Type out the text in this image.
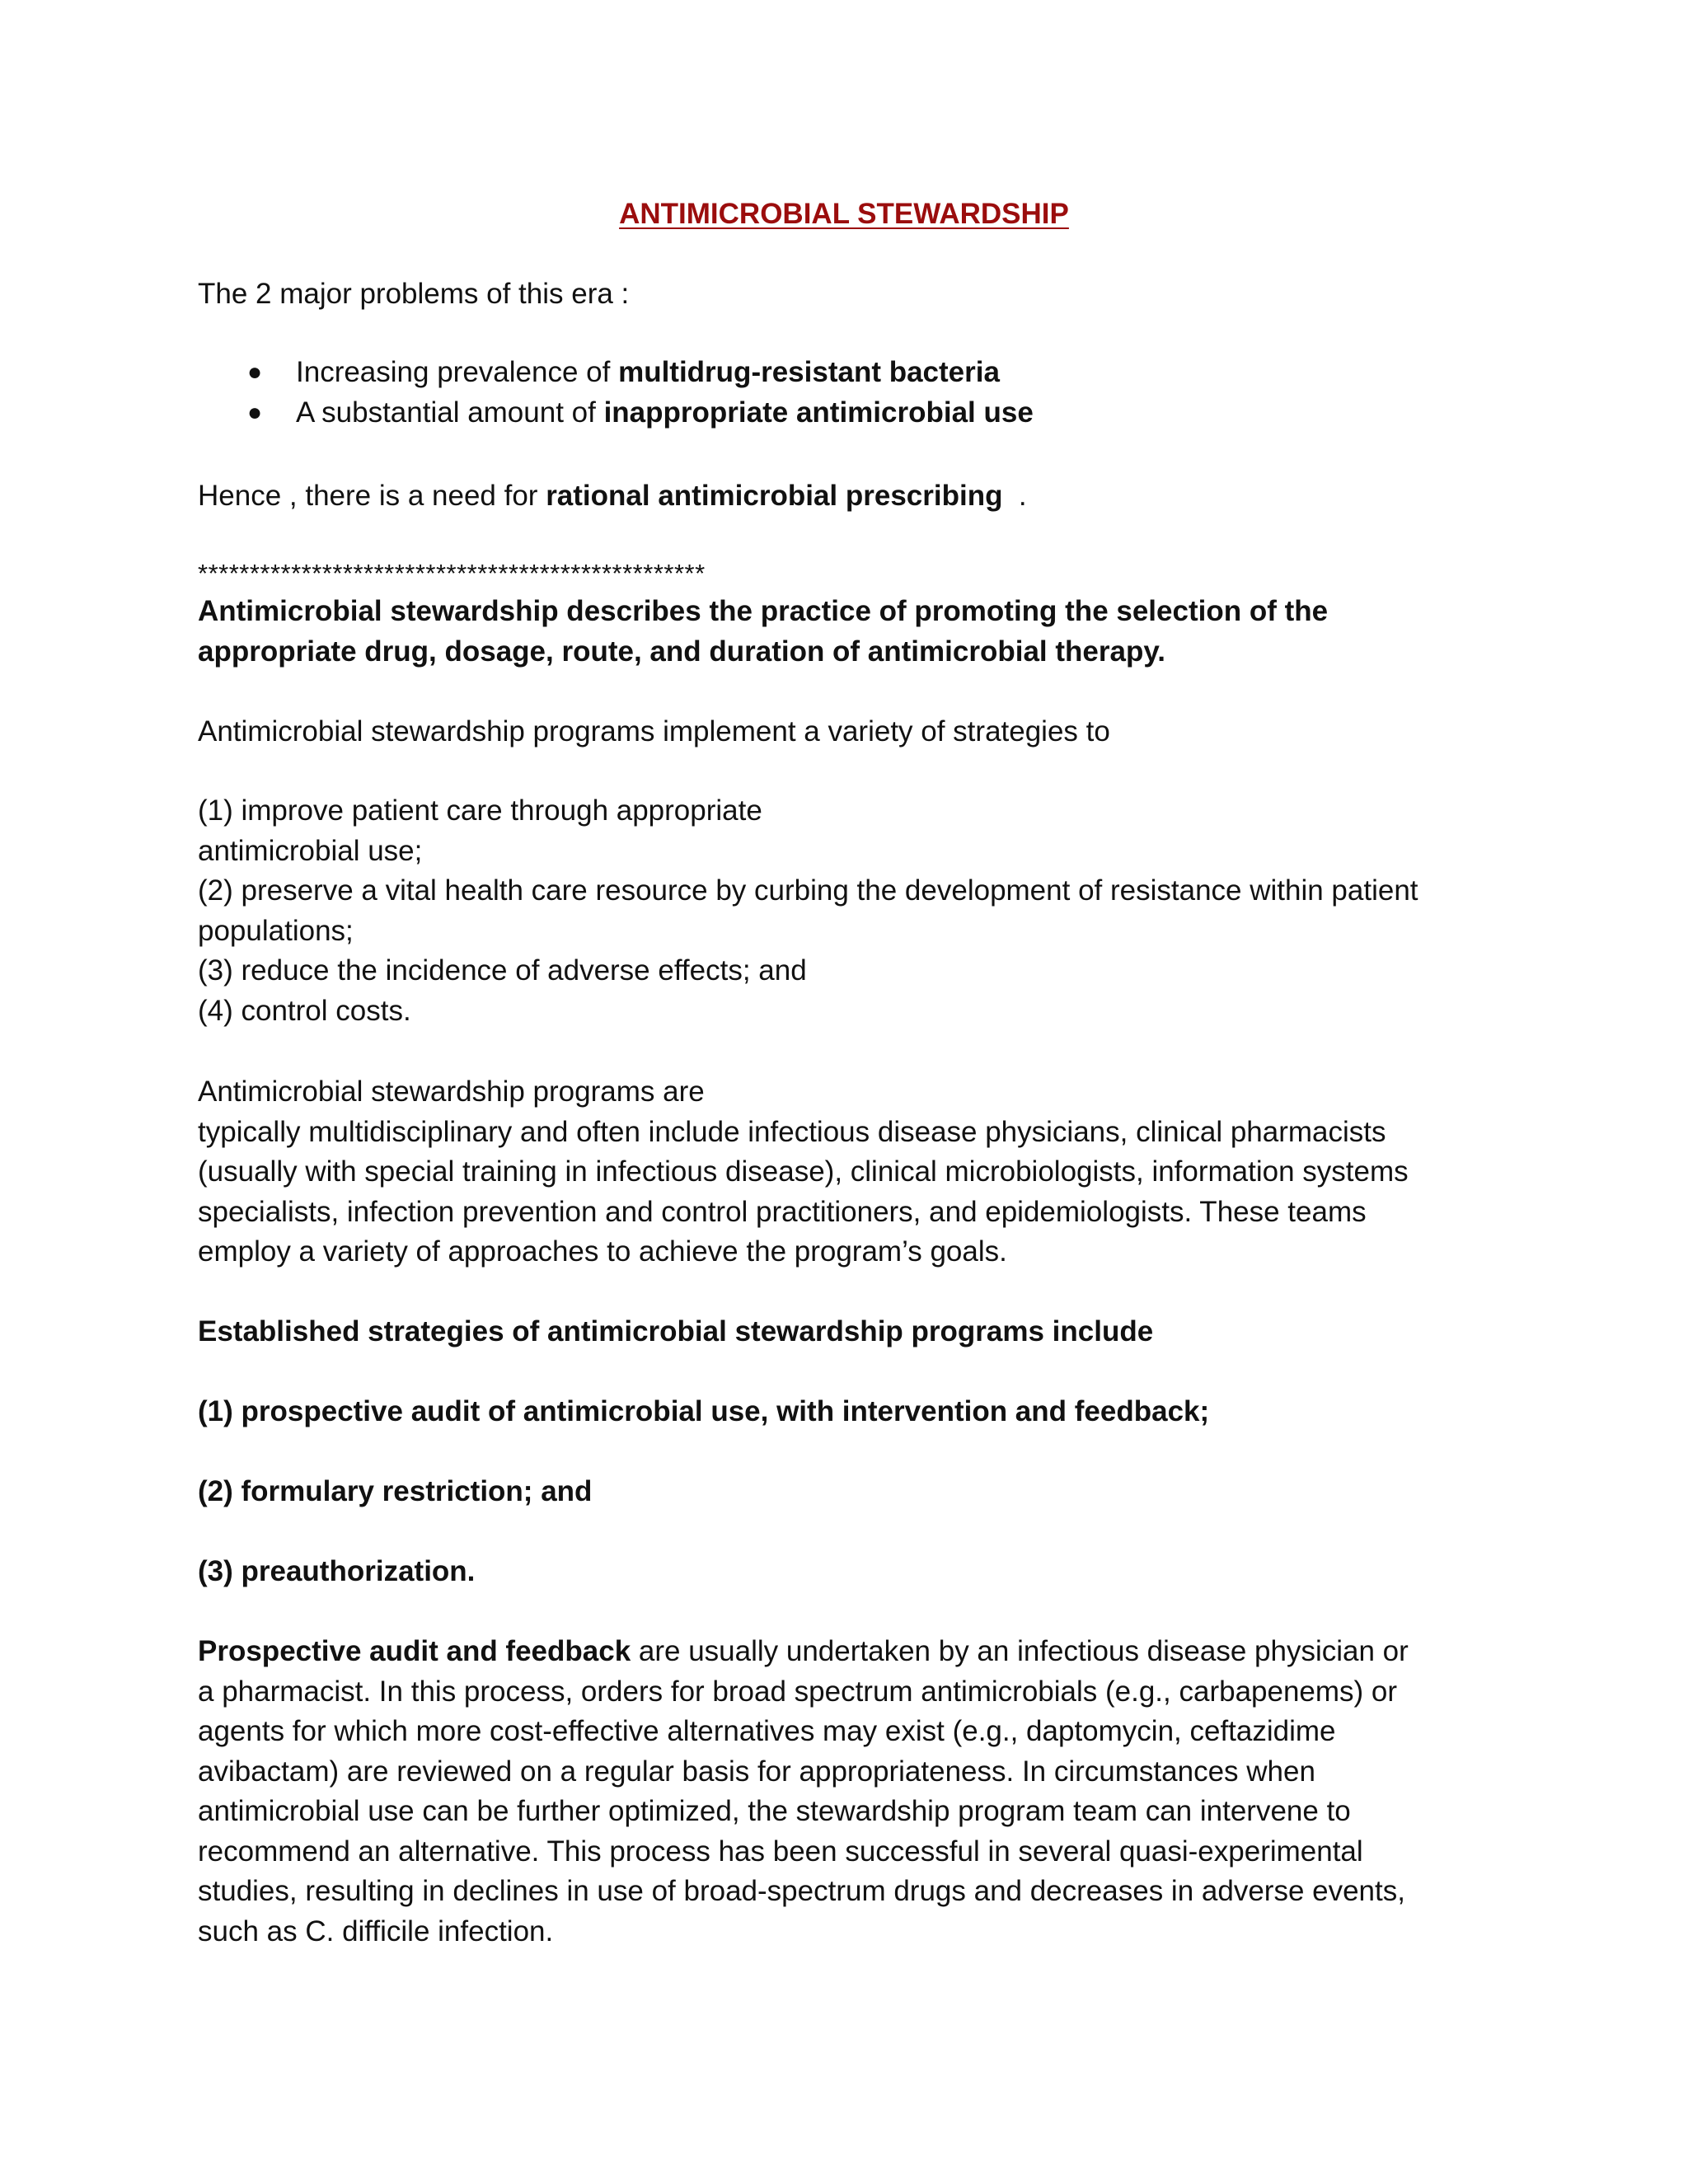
ANTIMICROBIAL STEWARDSHIP

The 2 major problems of this era :

● Increasing prevalence of multidrug-resistant bacteria
● A substantial amount of inappropriate antimicrobial use

Hence , there is a need for rational antimicrobial prescribing  .

*************************************************

Antimicrobial stewardship describes the practice of promoting the selection of the
appropriate drug, dosage, route, and duration of antimicrobial therapy.

Antimicrobial stewardship programs implement a variety of strategies to

(1) improve patient care through appropriate
antimicrobial use;
(2) preserve a vital health care resource by curbing the development of resistance within patient
populations;
(3) reduce the incidence of adverse effects; and
(4) control costs.

Antimicrobial stewardship programs are
typically multidisciplinary and often include infectious disease physicians, clinical pharmacists
(usually with special training in infectious disease), clinical microbiologists, information systems
specialists, infection prevention and control practitioners, and epidemiologists. These teams
employ a variety of approaches to achieve the program’s goals.

Established strategies of antimicrobial stewardship programs include

(1) prospective audit of antimicrobial use, with intervention and feedback;

(2) formulary restriction; and

(3) preauthorization.

Prospective audit and feedback are usually undertaken by an infectious disease physician or
a pharmacist. In this process, orders for broad spectrum antimicrobials (e.g., carbapenems) or
agents for which more cost-effective alternatives may exist (e.g., daptomycin, ceftazidime
avibactam) are reviewed on a regular basis for appropriateness. In circumstances when
antimicrobial use can be further optimized, the stewardship program team can intervene to
recommend an alternative. This process has been successful in several quasi-experimental
studies, resulting in declines in use of broad-spectrum drugs and decreases in adverse events,
such as C. difficile infection.
